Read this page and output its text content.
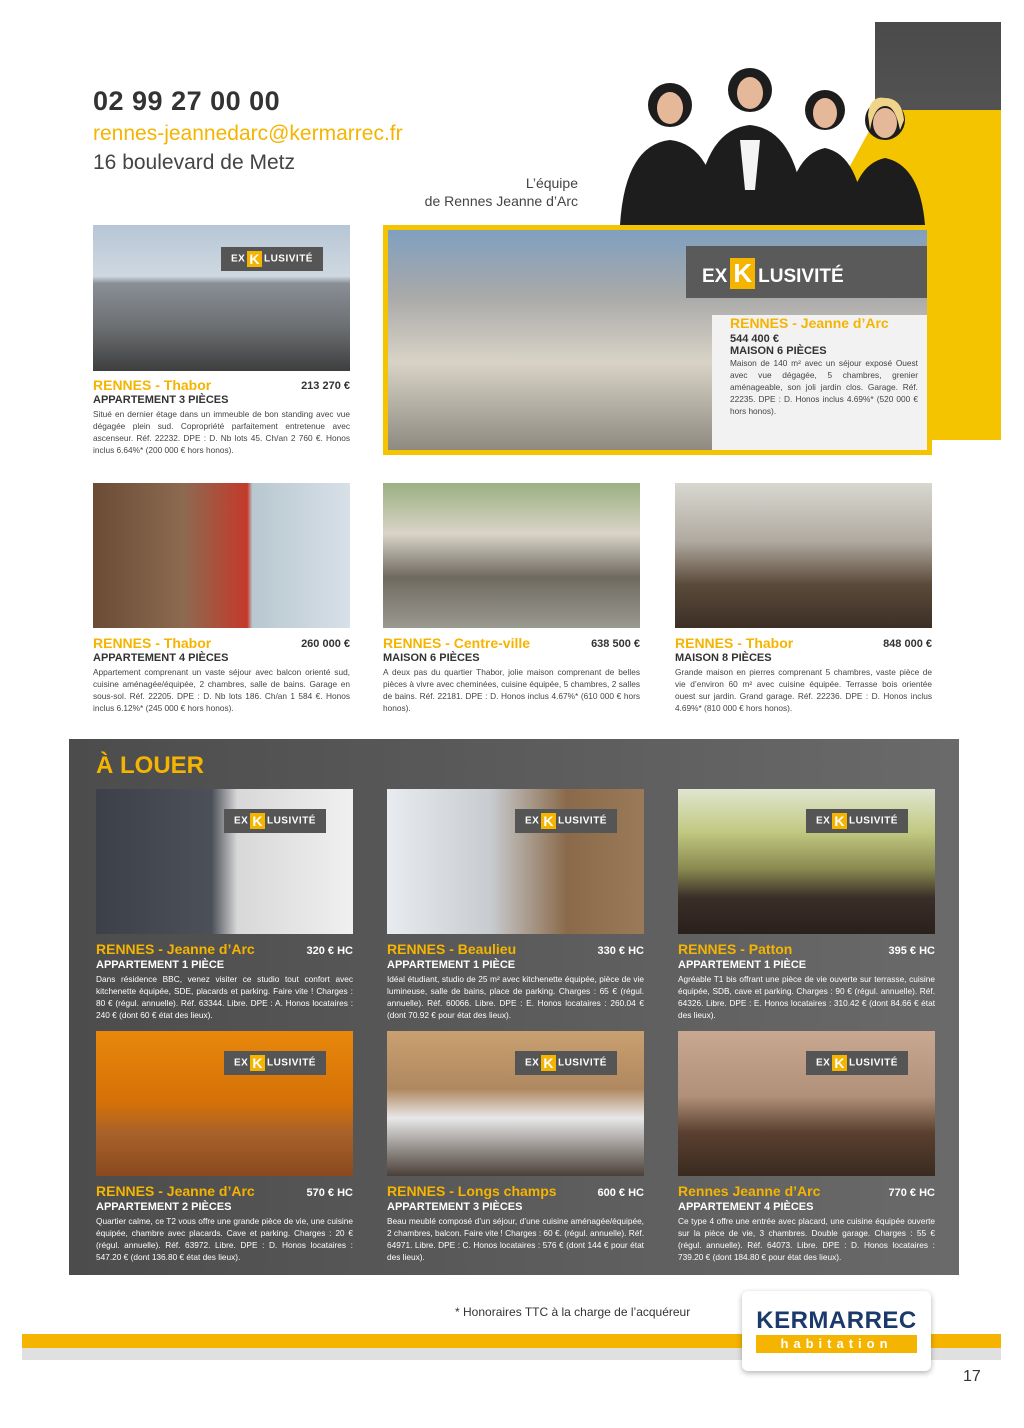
02 99 27 00 00
rennes-jeannedarc@kermarrec.fr
16 boulevard de Metz
L’équipe
de Rennes Jeanne d’Arc
EX K LUSIVITÉ
RENNES - Thabor	213 270 €
APPARTEMENT 3 PIÈCES
Situé en dernier étage dans un immeuble de bon standing avec vue dégagée plein sud. Copropriété parfaitement entretenue avec ascenseur. Réf. 22232. DPE : D. Nb lots 45. Ch/an 2 760 €. Honos inclus 6.64%* (200 000 € hors honos).
EX K LUSIVITÉ
RENNES - Jeanne d’Arc
544 400 €
MAISON 6 PIÈCES
Maison de 140 m² avec un séjour exposé Ouest avec vue dégagée, 5 chambres, grenier aménageable, son joli jardin clos. Garage. Réf. 22235. DPE : D. Honos inclus 4.69%* (520 000 € hors honos).
RENNES - Thabor	260 000 €
APPARTEMENT 4 PIÈCES
Appartement comprenant un vaste séjour avec balcon orienté sud, cuisine aménagée/équipée, 2 chambres, salle de bains. Garage en sous-sol. Réf. 22205. DPE : D. Nb lots 186. Ch/an 1 584 €. Honos inclus 6.12%* (245 000 € hors honos).
RENNES - Centre-ville	638 500 €
MAISON 6 PIÈCES
A deux pas du quartier Thabor, jolie maison comprenant de belles pièces à vivre avec cheminées, cuisine équipée, 5 chambres, 2 salles de bains. Réf. 22181. DPE : D. Honos inclus 4.67%* (610 000 € hors honos).
RENNES - Thabor	848 000 €
MAISON 8 PIÈCES
Grande maison en pierres comprenant 5 chambres, vaste pièce de vie d’environ 60 m² avec cuisine équipée. Terrasse bois orientée ouest sur jardin. Grand garage. Réf. 22236. DPE : D. Honos inclus 4.69%* (810 000 € hors honos).
À LOUER
EX K LUSIVITÉ
RENNES - Jeanne d’Arc	320 € HC
APPARTEMENT 1 PIÈCE
Dans résidence BBC, venez visiter ce studio tout confort avec kitchenette équipée, SDE, placards et parking. Faire vite ! Charges : 80 € (régul. annuelle). Réf. 63344. Libre. DPE : A. Honos locataires : 240 € (dont 60 € état des lieux).
EX K LUSIVITÉ
RENNES - Beaulieu	330 € HC
APPARTEMENT 1 PIÈCE
Idéal étudiant, studio de 25 m² avec kitchenette équipée, pièce de vie lumineuse, salle de bains, place de parking. Charges : 65 € (régul. annuelle). Réf. 60066. Libre. DPE : E. Honos locataires : 260.04 € (dont 70.92 € pour état des lieux).
EX K LUSIVITÉ
RENNES - Patton	395 € HC
APPARTEMENT 1 PIÈCE
Agréable T1 bis offrant une pièce de vie ouverte sur terrasse, cuisine équipée, SDB, cave et parking. Charges : 90 € (régul. annuelle). Réf. 64326. Libre. DPE : E. Honos locataires : 310.42 € (dont 84.66 € état des lieux).
EX K LUSIVITÉ
RENNES - Jeanne d’Arc	570 € HC
APPARTEMENT 2 PIÈCES
Quartier calme, ce T2 vous offre une grande pièce de vie, une cuisine équipée, chambre avec placards. Cave et parking. Charges : 20 € (régul. annuelle). Réf. 63972. Libre. DPE : D. Honos locataires : 547.20 € (dont 136.80 € état des lieux).
EX K LUSIVITÉ
RENNES - Longs champs	600 € HC
APPARTEMENT 3 PIÈCES
Beau meublé composé d’un séjour, d’une cuisine aménagée/équipée, 2 chambres, balcon. Faire vite ! Charges : 60 €. (régul. annuelle). Réf. 64971. Libre. DPE : C. Honos locataires : 576 € (dont 144 € pour état des lieux).
EX K LUSIVITÉ
Rennes Jeanne d’Arc	770 € HC
APPARTEMENT 4 PIÈCES
Ce type 4 offre une entrée avec placard, une cuisine équipée ouverte sur la pièce de vie, 3 chambres. Double garage. Charges : 55 € (régul. annuelle). Réf. 64073. Libre. DPE : D. Honos locataires : 739.20 € (dont 184.80 € pour état des lieux).
* Honoraires TTC à la charge de l’acquéreur	KERMARREC
habitation
17
